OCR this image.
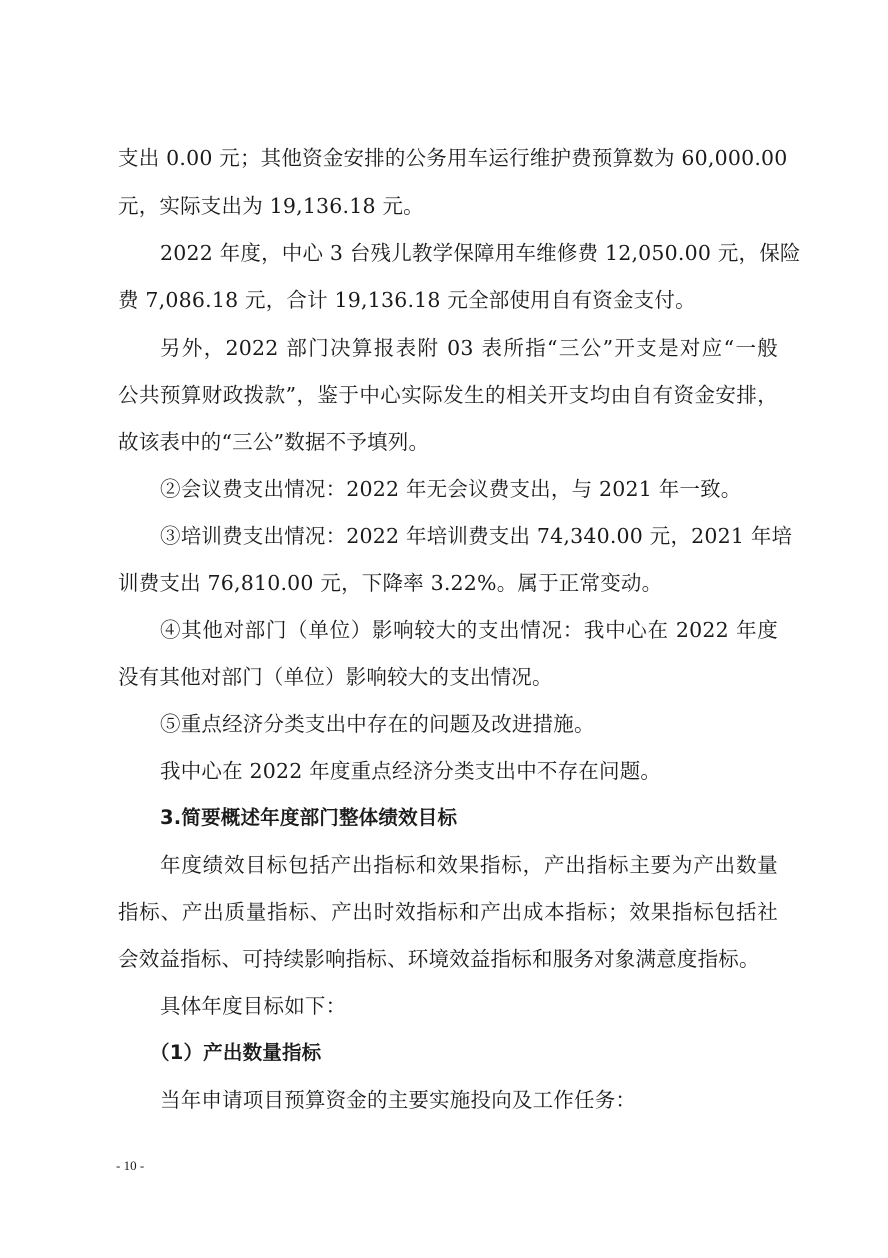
支出 0.00 元；其他资金安排的公务用车运行维护费预算数为 60,000.00
元，实际支出为 19,136.18 元。
2022 年度，中心 3 台残儿教学保障用车维修费 12,050.00 元，保险
费 7,086.18 元，合计 19,136.18 元全部使用自有资金支付。
另外，2022 部门决算报表附 03 表所指“三公”开支是对应“一般
公共预算财政拨款”，鉴于中心实际发生的相关开支均由自有资金安排，
故该表中的“三公”数据不予填列。
②会议费支出情况：2022 年无会议费支出，与 2021 年一致。
③培训费支出情况：2022 年培训费支出 74,340.00 元，2021 年培
训费支出 76,810.00 元，下降率 3.22%。属于正常变动。
④其他对部门（单位）影响较大的支出情况：我中心在 2022 年度
没有其他对部门（单位）影响较大的支出情况。
⑤重点经济分类支出中存在的问题及改进措施。
我中心在 2022 年度重点经济分类支出中不存在问题。
3.简要概述年度部门整体绩效目标
年度绩效目标包括产出指标和效果指标，产出指标主要为产出数量
指标、产出质量指标、产出时效指标和产出成本指标；效果指标包括社
会效益指标、可持续影响指标、环境效益指标和服务对象满意度指标。
具体年度目标如下：
（1）产出数量指标
当年申请项目预算资金的主要实施投向及工作任务：
- 10 -
